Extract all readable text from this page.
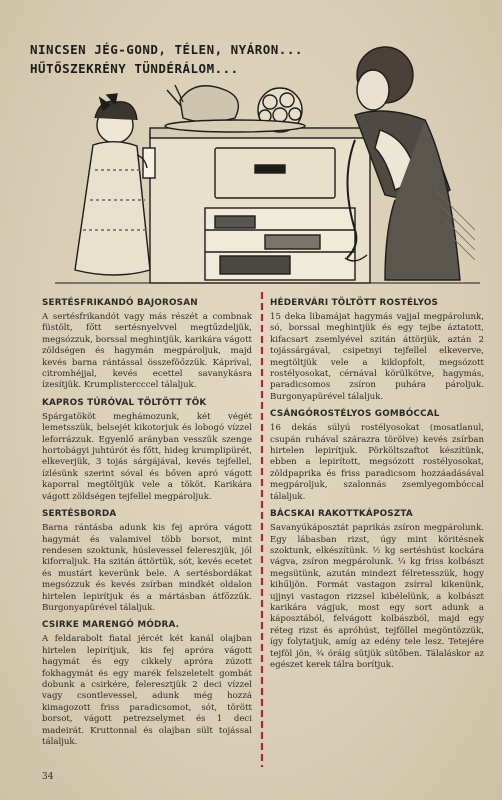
NINCSEN JÉG-GOND, TÉLEN, NYÁRON...
HŰTŐSZEKRÉNY TÜNDÉRÁLOM...
SERTÉSFRIKANDÓ BAJOROSAN

A sertésfrikandót vagy más részét a combnak füstölt, főtt sertésnyelvvel megtűzdeljük, megsózzuk, borssal meghintjük, karikára vágott zöldségen és hagymán megpároljuk, majd kevés barna rántással összeföőzzük. Kápríval, citromhéjjal, kevés ecettel savanykásra ízesítjük. Krumplistercccel tálaljuk.

KAPROS TÚRÓVAL TÖLTÖTT TÖK

Spárgatököt meghámozunk, két végét lemetsszük, belsejét kikotorjuk és lobogó vízzel leforrázzuk. Egyenlő arányban vesszük szenge hortobágyi juhtúrót és főtt, hideg krumplipürét, elkeverjük, 3 tojás sárgájával, kevés tejfellel, ízlésünk szerint sóval és bőven apró vágott kaporral megtöltjük vele a tököt. Karikára vágott zöldségen tejfellel megpároljuk.

SERTÉSBORDA

Barna rántásba adunk kis fej apróra vágott hagymát és valamivel több borsot, mint rendesen szoktunk, húslevessel felereszjük, jól kiforraljuk. Ha szitán áttörtük, sót, kevés ecetet és mustárt keverünk bele. A sertésbordákat megsózzuk és kevés zsírban mindkét oldalon hirtelen lepirítjuk és a mártásban átfőzzük. Burgonyapürével tálaljuk.

CSIRKE MARENGÓ MÓDRA.

A feldarabolt fiatal jércét két kanál olajban hirtelen lepirítjuk, kis fej apróra vágott hagymát és egy cikkely apróra zúzott fokhagymát és egy marék felszeletelt gombát dobunk a csirkére, feleresztjük 2 deci vízzel vagy csontlevessel, adunk még hozzá kimagozott friss paradicsomot, sót, törött borsot, vágott petrezselymet és 1 deci madeirát. Kruttonnal és olajban sült tojással tálaljuk.

HÉDERVÁRI TÖLTÖTT ROSTÉLYOS

15 deka libamájat hagymás vajjal megpárolunk, só, borssal meghintjük és egy tejbe áztatott, kifacsart zsemlyével szitán áttörjük, aztán 2 tojássárgával, csipetnyi tejfellel elkeverve, megtöltjük vele a kiklopfolt, megsózott rostélyosokat, cérnával körülkötve, hagymás, paradicsomos zsíron puhára pároljuk. Burgonyapürével tálaljuk.

CSÁNGÓROSTÉLYOS GOMBÓCCAL

16 dekás súlyú rostélyosokat (mosatlanul, csupán ruhával szárazra törölve) kevés zsírban hirtelen lepirítjuk. Pörköltszaftot készítünk, ebben a lepirított, megsózott rostélyosokat, zöldpaprika és friss paradicsom hozzáadásával megpároljuk, szalonnás zsemlyegombóccal tálaljuk.

BÁCSKAI RAKOTTKÁPOSZTA

Savanyúkáposztát paprikás zsíron megpárolunk. Egy lábasban rizst, úgy mint köritésnek szoktunk, elkészítünk. ½ kg sertéshúst kockára vágva, zsíron megpárolunk. ¼ kg friss kolbászt megsütünk, azután mindezt félretesszük, hogy kihűljön. Formát vastagon zsírral kikenünk, ujjnyi vastagon rizzsel kibélelünk, a kolbászt karikára vágjuk, most egy sort adunk a káposztából, felvágott kolbászból, majd egy réteg rizst és apróhúst, tejföllel megöntözzük, így folytatjuk, amíg az edény tele lesz. Tetejére tejföl jön, ¾ óráig sütjük sütőben. Tálaláskor az egészet kerek tálra borítjuk.

34
